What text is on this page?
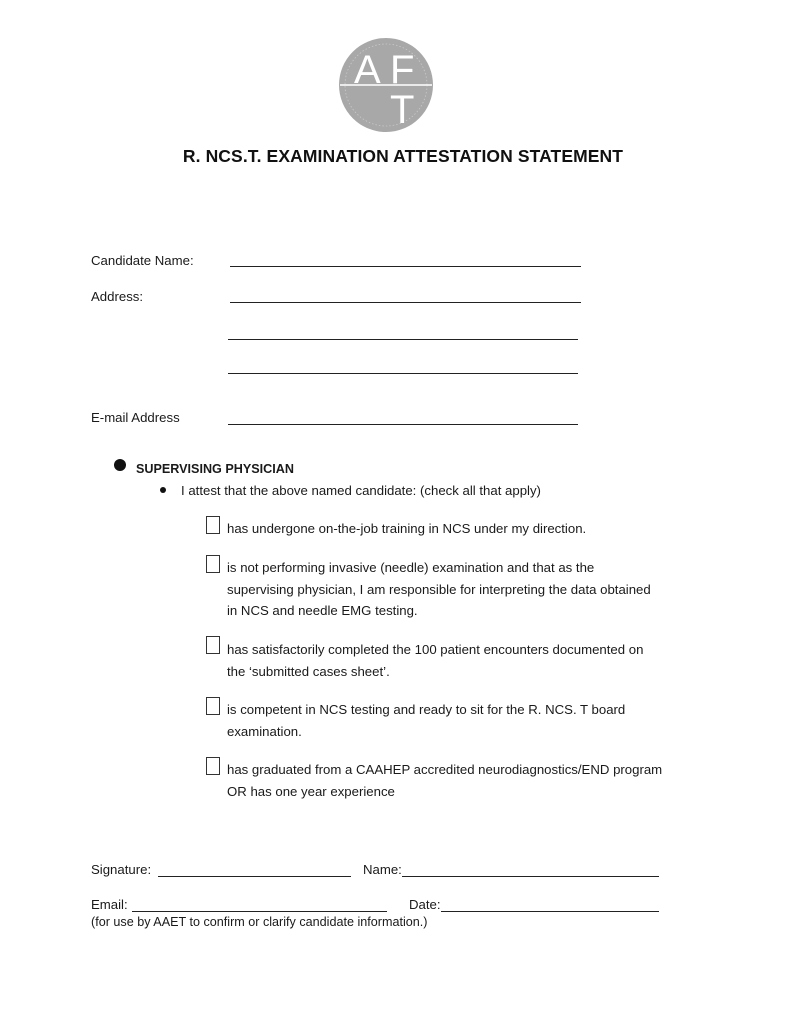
A F
A T
R. NCS.T. EXAMINATION ATTESTATION STATEMENT
Candidate Name:
Address:
E-mail Address
SUPERVISING PHYSICIAN
I attest that the above named candidate: (check all that apply)
has undergone on-the-job training in NCS under my direction.
is not performing invasive (needle) examination and that as the
supervising physician, I am responsible for interpreting the data obtained
in NCS and needle EMG testing.
has satisfactorily completed the 100 patient encounters documented on
the ‘submitted cases sheet’.
is competent in NCS testing and ready to sit for the R. NCS. T board
examination.
has graduated from a CAAHEP accredited neurodiagnostics/END program
OR has one year experience
Signature:	Name:
Email:	Date:
(for use by AAET to confirm or clarify candidate information.)
